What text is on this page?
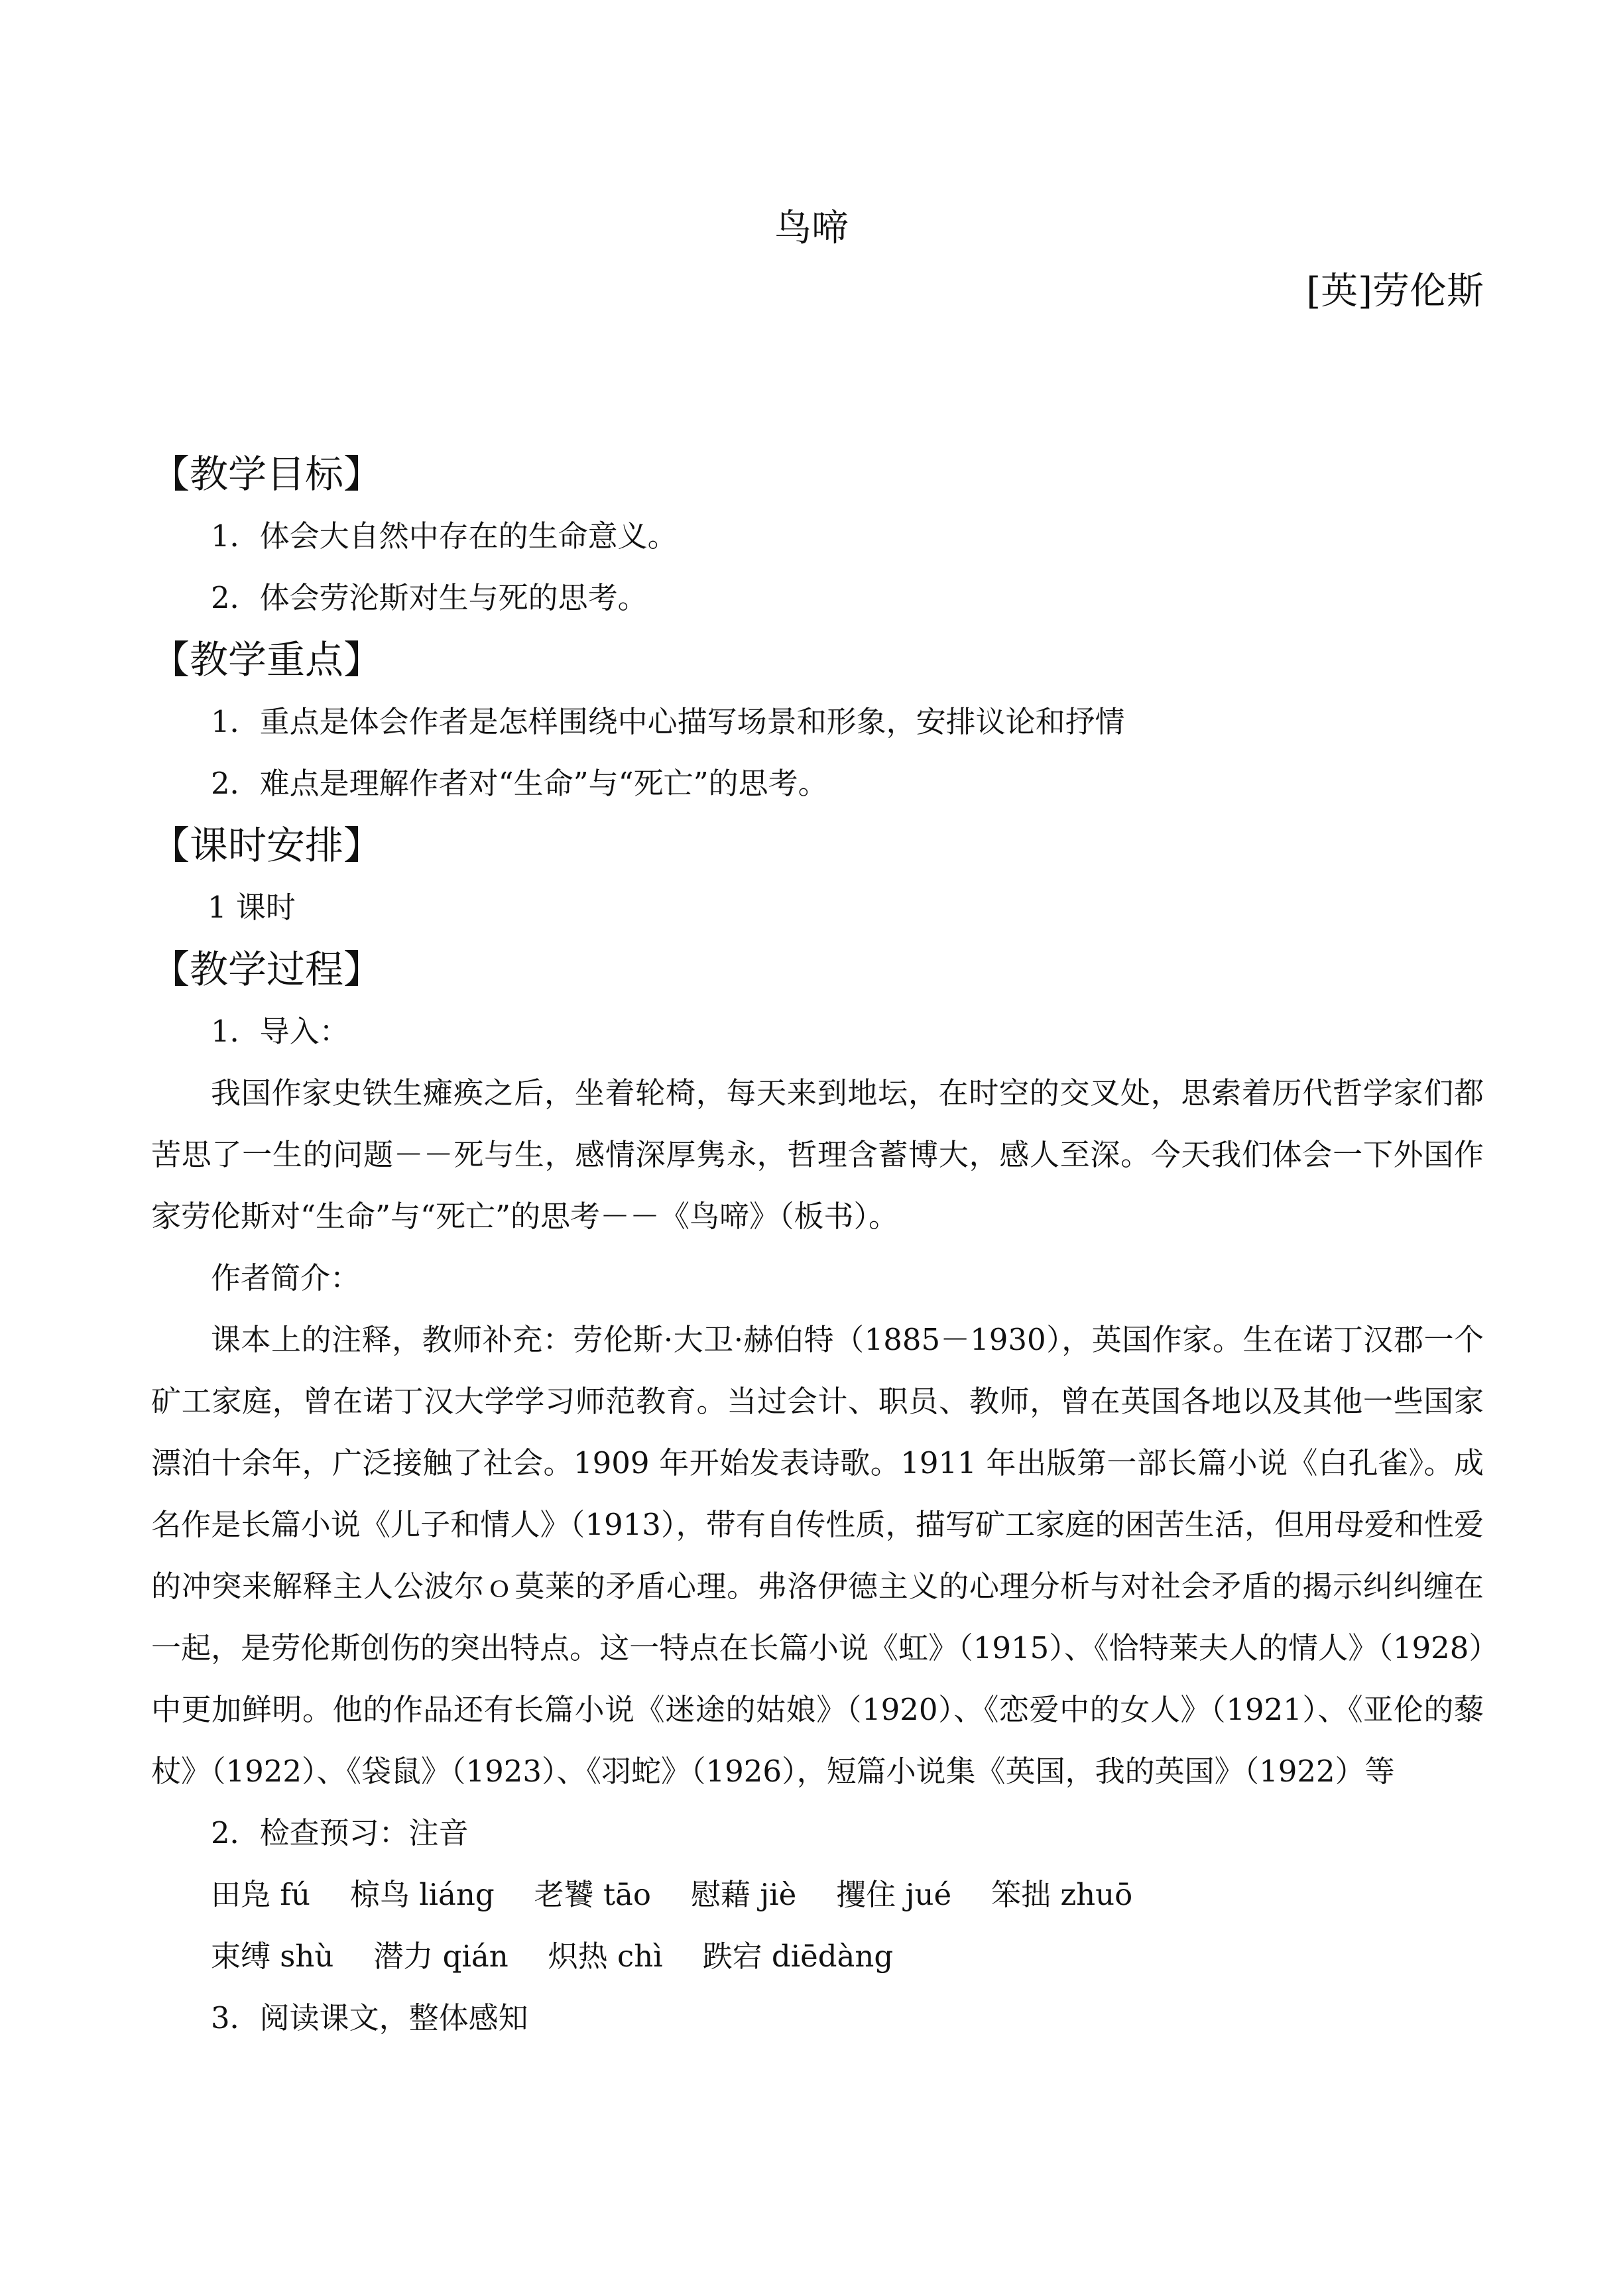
鸟啼
[英]劳伦斯
【教学目标】
1．体会大自然中存在的生命意义。
2．体会劳沦斯对生与死的思考。
【教学重点】
1．重点是体会作者是怎样围绕中心描写场景和形象，安排议论和抒情
2．难点是理解作者对“生命”与“死亡”的思考。
【课时安排】
1 课时
【教学过程】
1．导入：

我国作家史铁生瘫痪之后，坐着轮椅，每天来到地坛，在时空的交叉处，思索着历代哲学家们都苦思了一生的问题－－死与生，感情深厚隽永，哲理含蓄博大，感人至深。今天我们体会一下外国作家劳伦斯对“生命”与“死亡”的思考－－《鸟啼》（板书）。

作者简介：

课本上的注释，教师补充：劳伦斯·大卫·赫伯特（1885－1930），英国作家。生在诺丁汉郡一个矿工家庭，曾在诺丁汉大学学习师范教育。当过会计、职员、教师，曾在英国各地以及其他一些国家漂泊十余年，广泛接触了社会。1909 年开始发表诗歌。1911 年出版第一部长篇小说《白孔雀》。成名作是长篇小说《儿子和情人》（1913），带有自传性质，描写矿工家庭的困苦生活，但用母爱和性爱的冲突来解释主人公波尔ｏ莫莱的矛盾心理。弗洛伊德主义的心理分析与对社会矛盾的揭示纠纠缠在一起，是劳伦斯创伤的突出特点。这一特点在长篇小说《虹》（1915）、《恰特莱夫人的情人》（1928）中更加鲜明。他的作品还有长篇小说《迷途的姑娘》（1920）、《恋爱中的女人》（1921）、《亚伦的藜杖》（1922）、《袋鼠》（1923）、《羽蛇》（1926），短篇小说集《英国，我的英国》（1922）等

2．检查预习：注音
田凫 fú 椋鸟 liáng 老饕 tāo 慰藉 jiè 攫住 jué 笨拙 zhuō
束缚 shù 潜力 qián 炽热 chì 跌宕 diēdàng
3．阅读课文，整体感知
